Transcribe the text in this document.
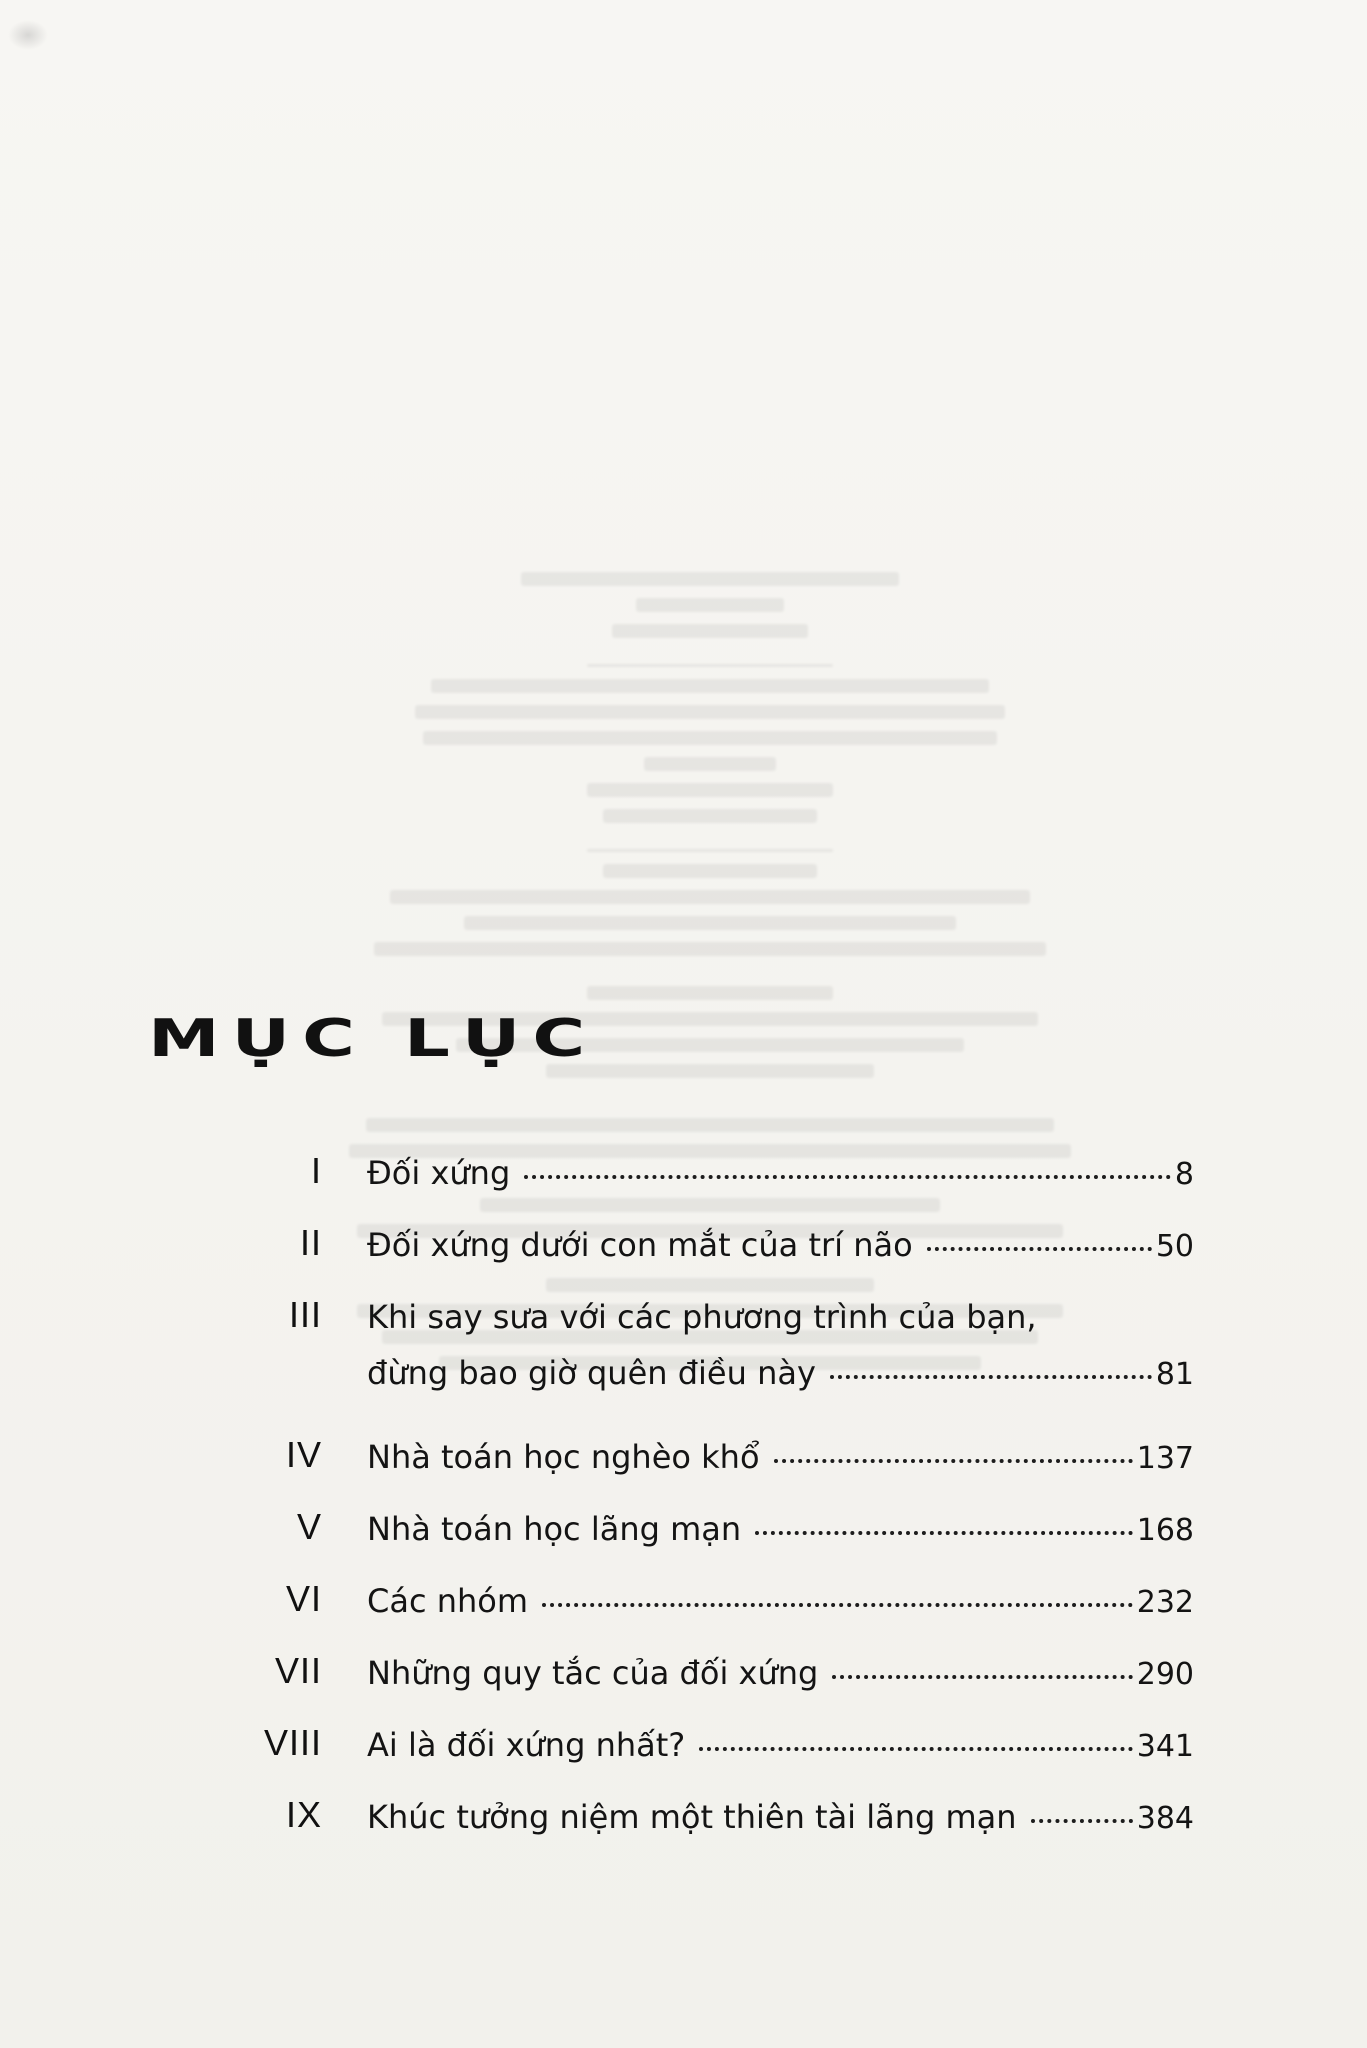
MỤC LỤC
I Đối xứng	8
II Đối xứng dưới con mắt của trí não	50
III Khi say sưa với các phương trình của bạn,
đừng bao giờ quên điều này	81
IV Nhà toán học nghèo khổ	137
V Nhà toán học lãng mạn	168
VI Các nhóm	232
VII Những quy tắc của đối xứng	290
VIII Ai là đối xứng nhất?	341
IX Khúc tưởng niệm một thiên tài lãng mạn	384
